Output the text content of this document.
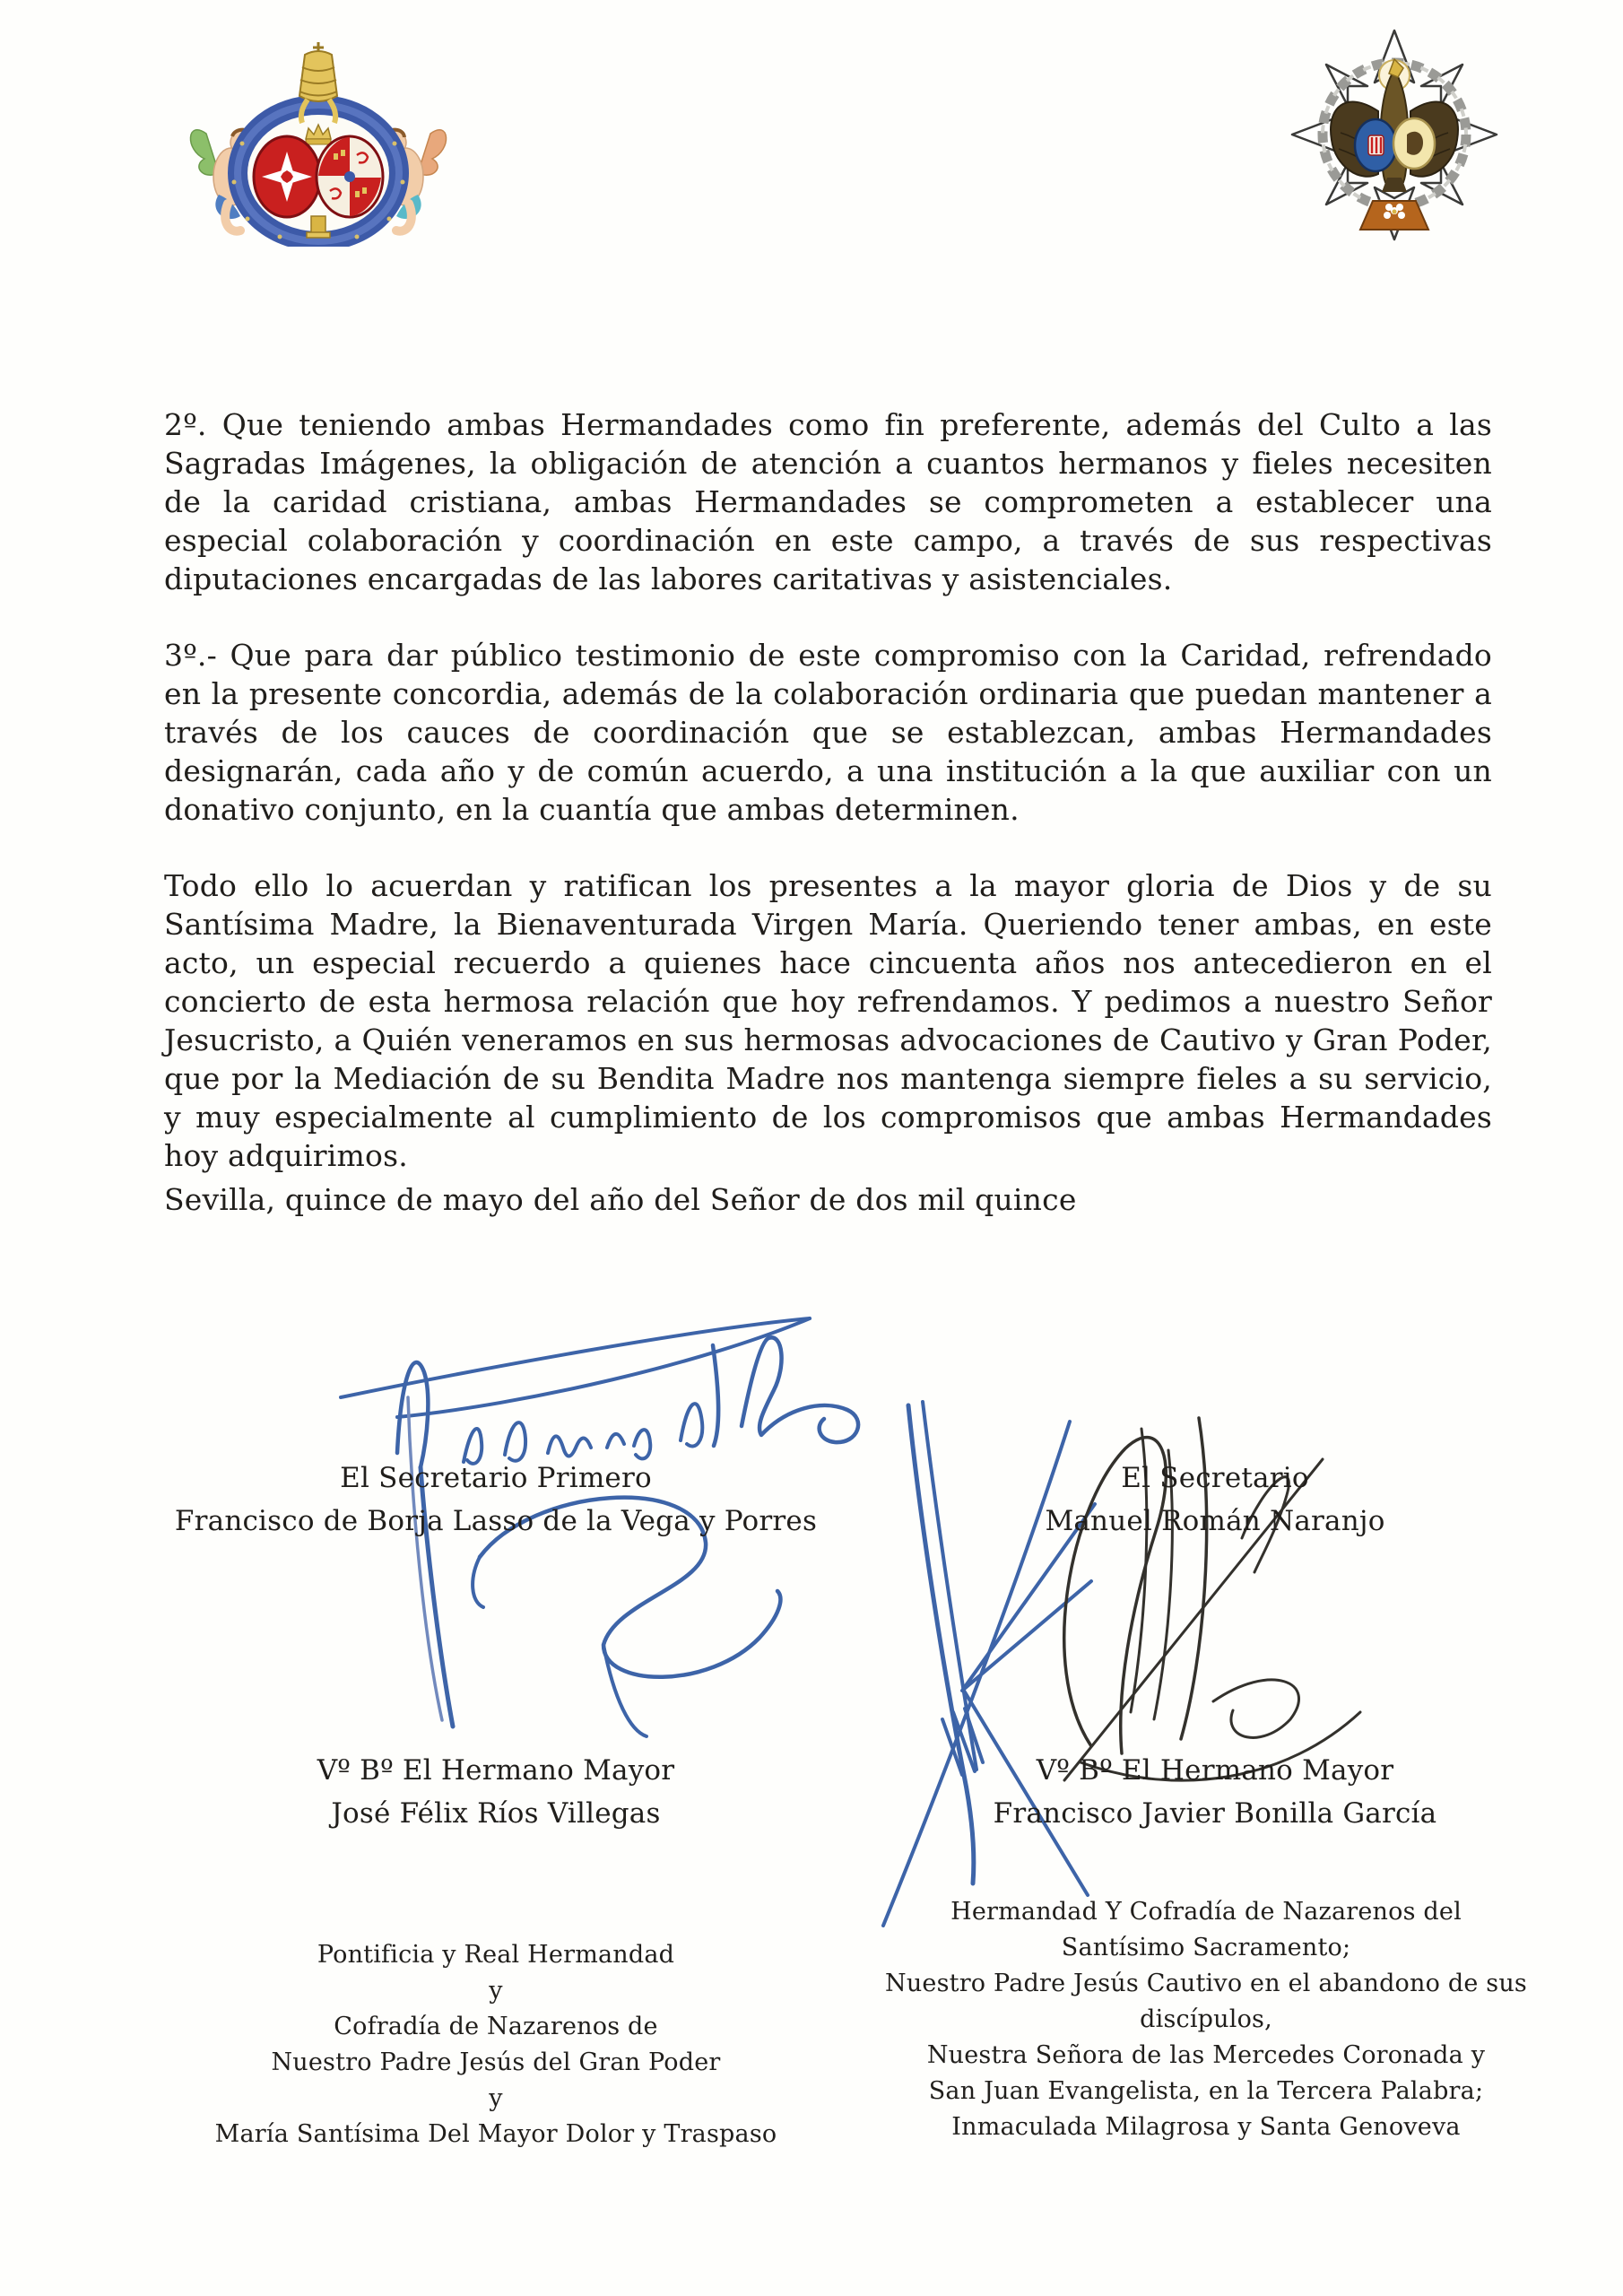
2º. Que teniendo ambas Hermandades como fin preferente, además del Culto a las Sagradas Imágenes, la obligación de atención a cuantos hermanos y fieles necesiten de la caridad cristiana, ambas Hermandades se comprometen a establecer una especial colaboración y coordinación en este campo, a través de sus respectivas diputaciones encargadas de las labores caritativas y asistenciales.

3º.- Que para dar público testimonio de este compromiso con la Caridad, refrendado en la presente concordia, además de la colaboración ordinaria que puedan mantener a través de los cauces de coordinación que se establezcan, ambas Hermandades designarán, cada año y de común acuerdo, a una institución a la que auxiliar con un donativo conjunto, en la cuantía que ambas determinen.

Todo ello lo acuerdan y ratifican los presentes a la mayor gloria de Dios y de su Santísima Madre, la Bienaventurada Virgen María. Queriendo tener ambas, en este acto, un especial recuerdo a quienes hace cincuenta años nos antecedieron en el concierto de esta hermosa relación que hoy refrendamos. Y pedimos a nuestro Señor Jesucristo, a Quién veneramos en sus hermosas advocaciones de Cautivo y Gran Poder, que por la Mediación de su Bendita Madre nos mantenga siempre fieles a su servicio, y muy especialmente al cumplimiento de los compromisos que ambas Hermandades hoy adquirimos.

Sevilla, quince de mayo del año del Señor de dos mil quince
El Secretario Primero
Francisco de Borja Lasso de la Vega y Porres
El Secretario
Manuel Román Naranjo
Vº Bº El Hermano Mayor
José Félix Ríos Villegas
Vº Bº El Hermano Mayor
Francisco Javier Bonilla García
Pontificia y Real Hermandad
y
Cofradía de Nazarenos de
Nuestro Padre Jesús del Gran Poder
y
María Santísima Del Mayor Dolor y Traspaso
Hermandad Y Cofradía de Nazarenos del
Santísimo Sacramento;
Nuestro Padre Jesús Cautivo en el abandono de sus
discípulos,
Nuestra Señora de las Mercedes Coronada y
San Juan Evangelista, en la Tercera Palabra;
Inmaculada Milagrosa y Santa Genoveva
